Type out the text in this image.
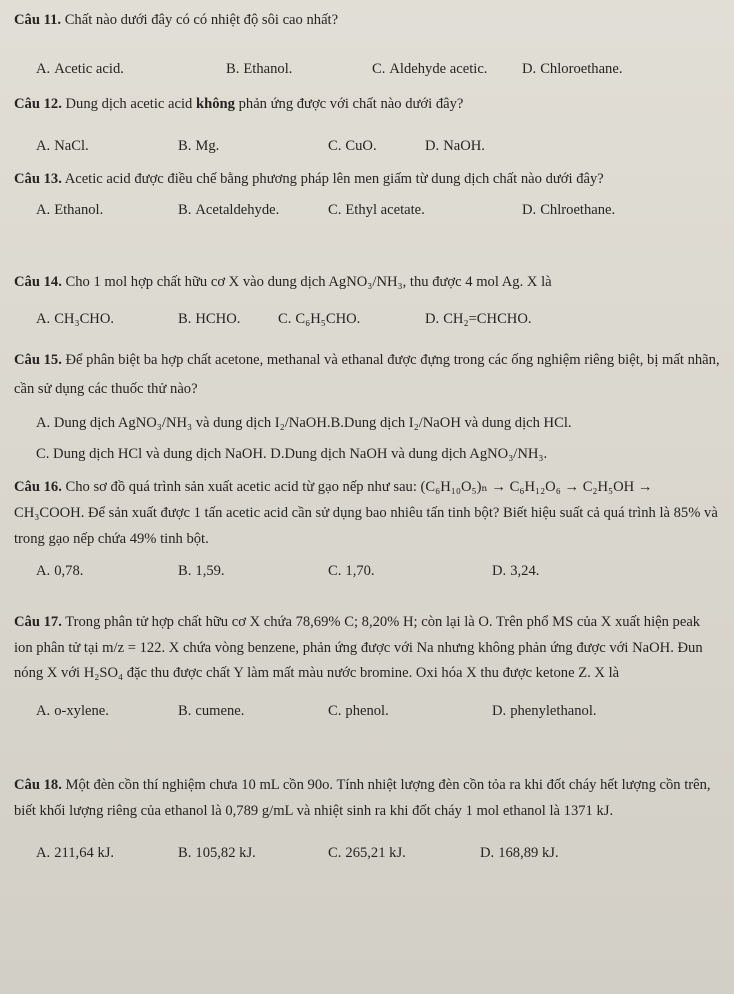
Câu 11. Chất nào dưới đây có có nhiệt độ sôi cao nhất?
A. Acetic acid.	B. Ethanol.	C. Aldehyde acetic. D. Chloroethane.
Câu 12. Dung dịch acetic acid không phản ứng được với chất nào dưới đây?
A. NaCl.	B. Mg.	C. CuO.	D. NaOH.
Câu 13. Acetic acid được điều chế bằng phương pháp lên men giấm từ dung dịch chất nào dưới đây?
A. Ethanol.	B. Acetaldehyde.	C. Ethyl acetate.	D. Chlroethane.
Câu 14. Cho 1 mol hợp chất hữu cơ X vào dung dịch AgNO₃/NH₃, thu được 4 mol Ag. X là
A. CH₃CHO.	B. HCHO.	C. C₆H₅CHO.	D. CH₂=CHCHO.
Câu 15. Để phân biệt ba hợp chất acetone, methanal và ethanal được đựng trong các ống nghiệm riêng biệt, bị mất nhãn, cần sử dụng các thuốc thử nào?
A. Dung dịch AgNO₃/NH₃ và dung dịch I₂/NaOH.B.Dung dịch I₂/NaOH và dung dịch HCl.
C. Dung dịch HCl và dung dịch NaOH. D.Dung dịch NaOH và dung dịch AgNO₃/NH₃.
Câu 16. Cho sơ đồ quá trình sản xuất acetic acid từ gạo nếp như sau: (C₆H₁₀O₅)ₙ → C₆H₁₂O₆ → C₂H₅OH → CH₃COOH. Để sản xuất được 1 tấn acetic acid cần sử dụng bao nhiêu tấn tinh bột? Biết hiệu suất cả quá trình là 85% và trong gạo nếp chứa 49% tinh bột.
A. 0,78.	B. 1,59.	C. 1,70.	D. 3,24.
Câu 17. Trong phân tử hợp chất hữu cơ X chứa 78,69% C; 8,20% H; còn lại là O. Trên phổ MS của X xuất hiện peak ion phân tử tại m/z = 122. X chứa vòng benzene, phản ứng được với Na nhưng không phản ứng được với NaOH. Đun nóng X với H₂SO₄ đặc thu được chất Y làm mất màu nước bromine. Oxi hóa X thu được ketone Z. X là
A. o-xylene.	B. cumene.	C. phenol.	D. phenylethanol.
Câu 18. Một đèn cồn thí nghiệm chưa 10 mL cồn 90o. Tính nhiệt lượng đèn cồn tỏa ra khi đốt cháy hết lượng cồn trên, biết khối lượng riêng của ethanol là 0,789 g/mL và nhiệt sinh ra khi đốt cháy 1 mol ethanol là 1371 kJ.
A. 211,64 kJ.	B. 105,82 kJ.	C. 265,21 kJ.	D. 168,89 kJ.
